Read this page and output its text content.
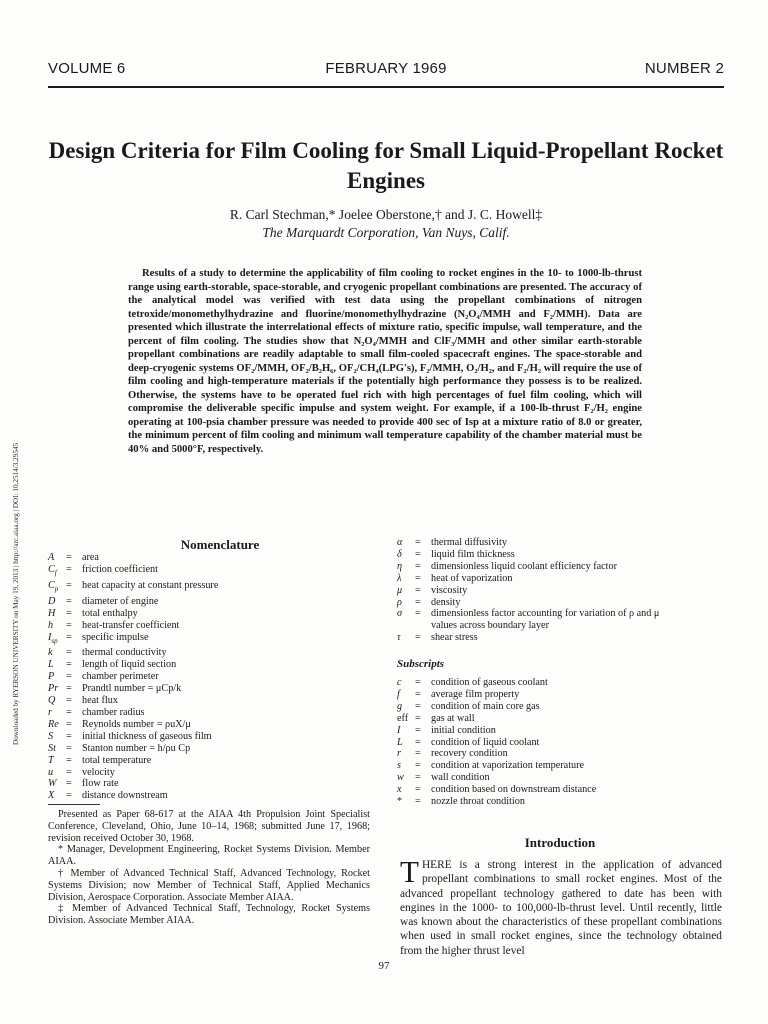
VOLUME 6	FEBRUARY 1969	NUMBER 2
Design Criteria for Film Cooling for Small Liquid-Propellant Rocket Engines
R. Carl Stechman,* Joelee Oberstone,† and J. C. Howell‡
The Marquardt Corporation, Van Nuys, Calif.
Results of a study to determine the applicability of film cooling to rocket engines in the 10- to 1000-lb-thrust range using earth-storable, space-storable, and cryogenic propellant combinations are presented. The accuracy of the analytical model was verified with test data using the propellant combinations of nitrogen tetroxide/monomethylhydrazine and fluorine/monomethylhydrazine (N₂O₄/MMH and F₂/MMH). Data are presented which illustrate the interrelational effects of mixture ratio, specific impulse, wall temperature, and the percent of film cooling. The studies show that N₂O₄/MMH and ClF₃/MMH and other similar earth-storable propellant combinations are readily adaptable to small film-cooled spacecraft engines. The space-storable and deep-cryogenic systems OF₂/MMH, OF₂/B₂H₆, OF₂/CH₄(LPG's), F₂/MMH, O₂/H₂, and F₂/H₂ will require the use of film cooling and high-temperature materials if the potentially high performance they possess is to be realized. Otherwise, the systems have to be operated fuel rich with high percentages of fuel film cooling, which will compromise the deliverable specific impulse and system weight. For example, if a 100-lb-thrust F₂/H₂ engine operating at 100-psia chamber pressure was needed to provide 400 sec of Isp at a mixture ratio of 8.0 or greater, the minimum percent of film cooling and minimum wall temperature capability of the chamber material must be 40% and 5000°F, respectively.
Downloaded by RYERSON UNIVERSITY on May 19, 2013 | http://arc.aiaa.org | DOI: 10.2514/3.29545	Nomenclature
A	=	area
$C_f$ =	friction coefficient
$C_p$ =	heat capacity at constant pressure
D	=	diameter of engine
H	=	total enthalpy
h	=	heat-transfer coefficient
$I_{sp}$ =	specific impulse
k	=	thermal conductivity
L	=	length of liquid section
P	=	chamber perimeter
Pr =	Prandtl number = μCp/k
Q	=	heat flux
r	=	chamber radius
Re =	Reynolds number = ρuX/μ
S	=	initial thickness of gaseous film
St =	Stanton number = h/ρu Cp
T	=	total temperature
u	=	velocity
W =	flow rate
X	=	distance downstream
α	=	thermal diffusivity
δ	=	liquid film thickness
η	=	dimensionless liquid coolant efficiency factor
λ	=	heat of vaporization
μ	=	viscosity
ρ	=	density
σ	=	dimensionless factor accounting for variation of ρ and μ
values across boundary layer
τ	=	shear stress
Subscripts
c	=	condition of gaseous coolant
f	=	average film property
g	=	condition of main core gas
eff =	gas at wall
I	=	initial condition
L	=	condition of liquid coolant
r	=	recovery condition
s	=	condition at vaporization temperature
w	=	wall condition
x	=	condition based on downstream distance
*	=	nozzle throat condition

Presented as Paper 68-617 at the AIAA 4th Propulsion Joint Specialist Conference, Cleveland, Ohio, June 10–14, 1968; submitted June 17, 1968; revision received October 30, 1968.

* Manager, Development Engineering, Rocket Systems Division. Member AIAA.

† Member of Advanced Technical Staff, Advanced Technology, Rocket Systems Division; now Member of Technical Staff, Applied Mechanics Division, Aerospace Corporation. Associate Member AIAA.

‡ Member of Advanced Technical Staff, Technology, Rocket Systems Division. Associate Member AIAA.

Introduction
THERE is a strong interest in the application of advanced propellant combinations to small rocket engines. Most of the advanced propellant technology gathered to date has been with engines in the 1000- to 100,000-lb-thrust level. Until recently, little was known about the characteristics of these propellant combinations when used in small rocket engines, since the technology obtained from the higher thrust level
97
